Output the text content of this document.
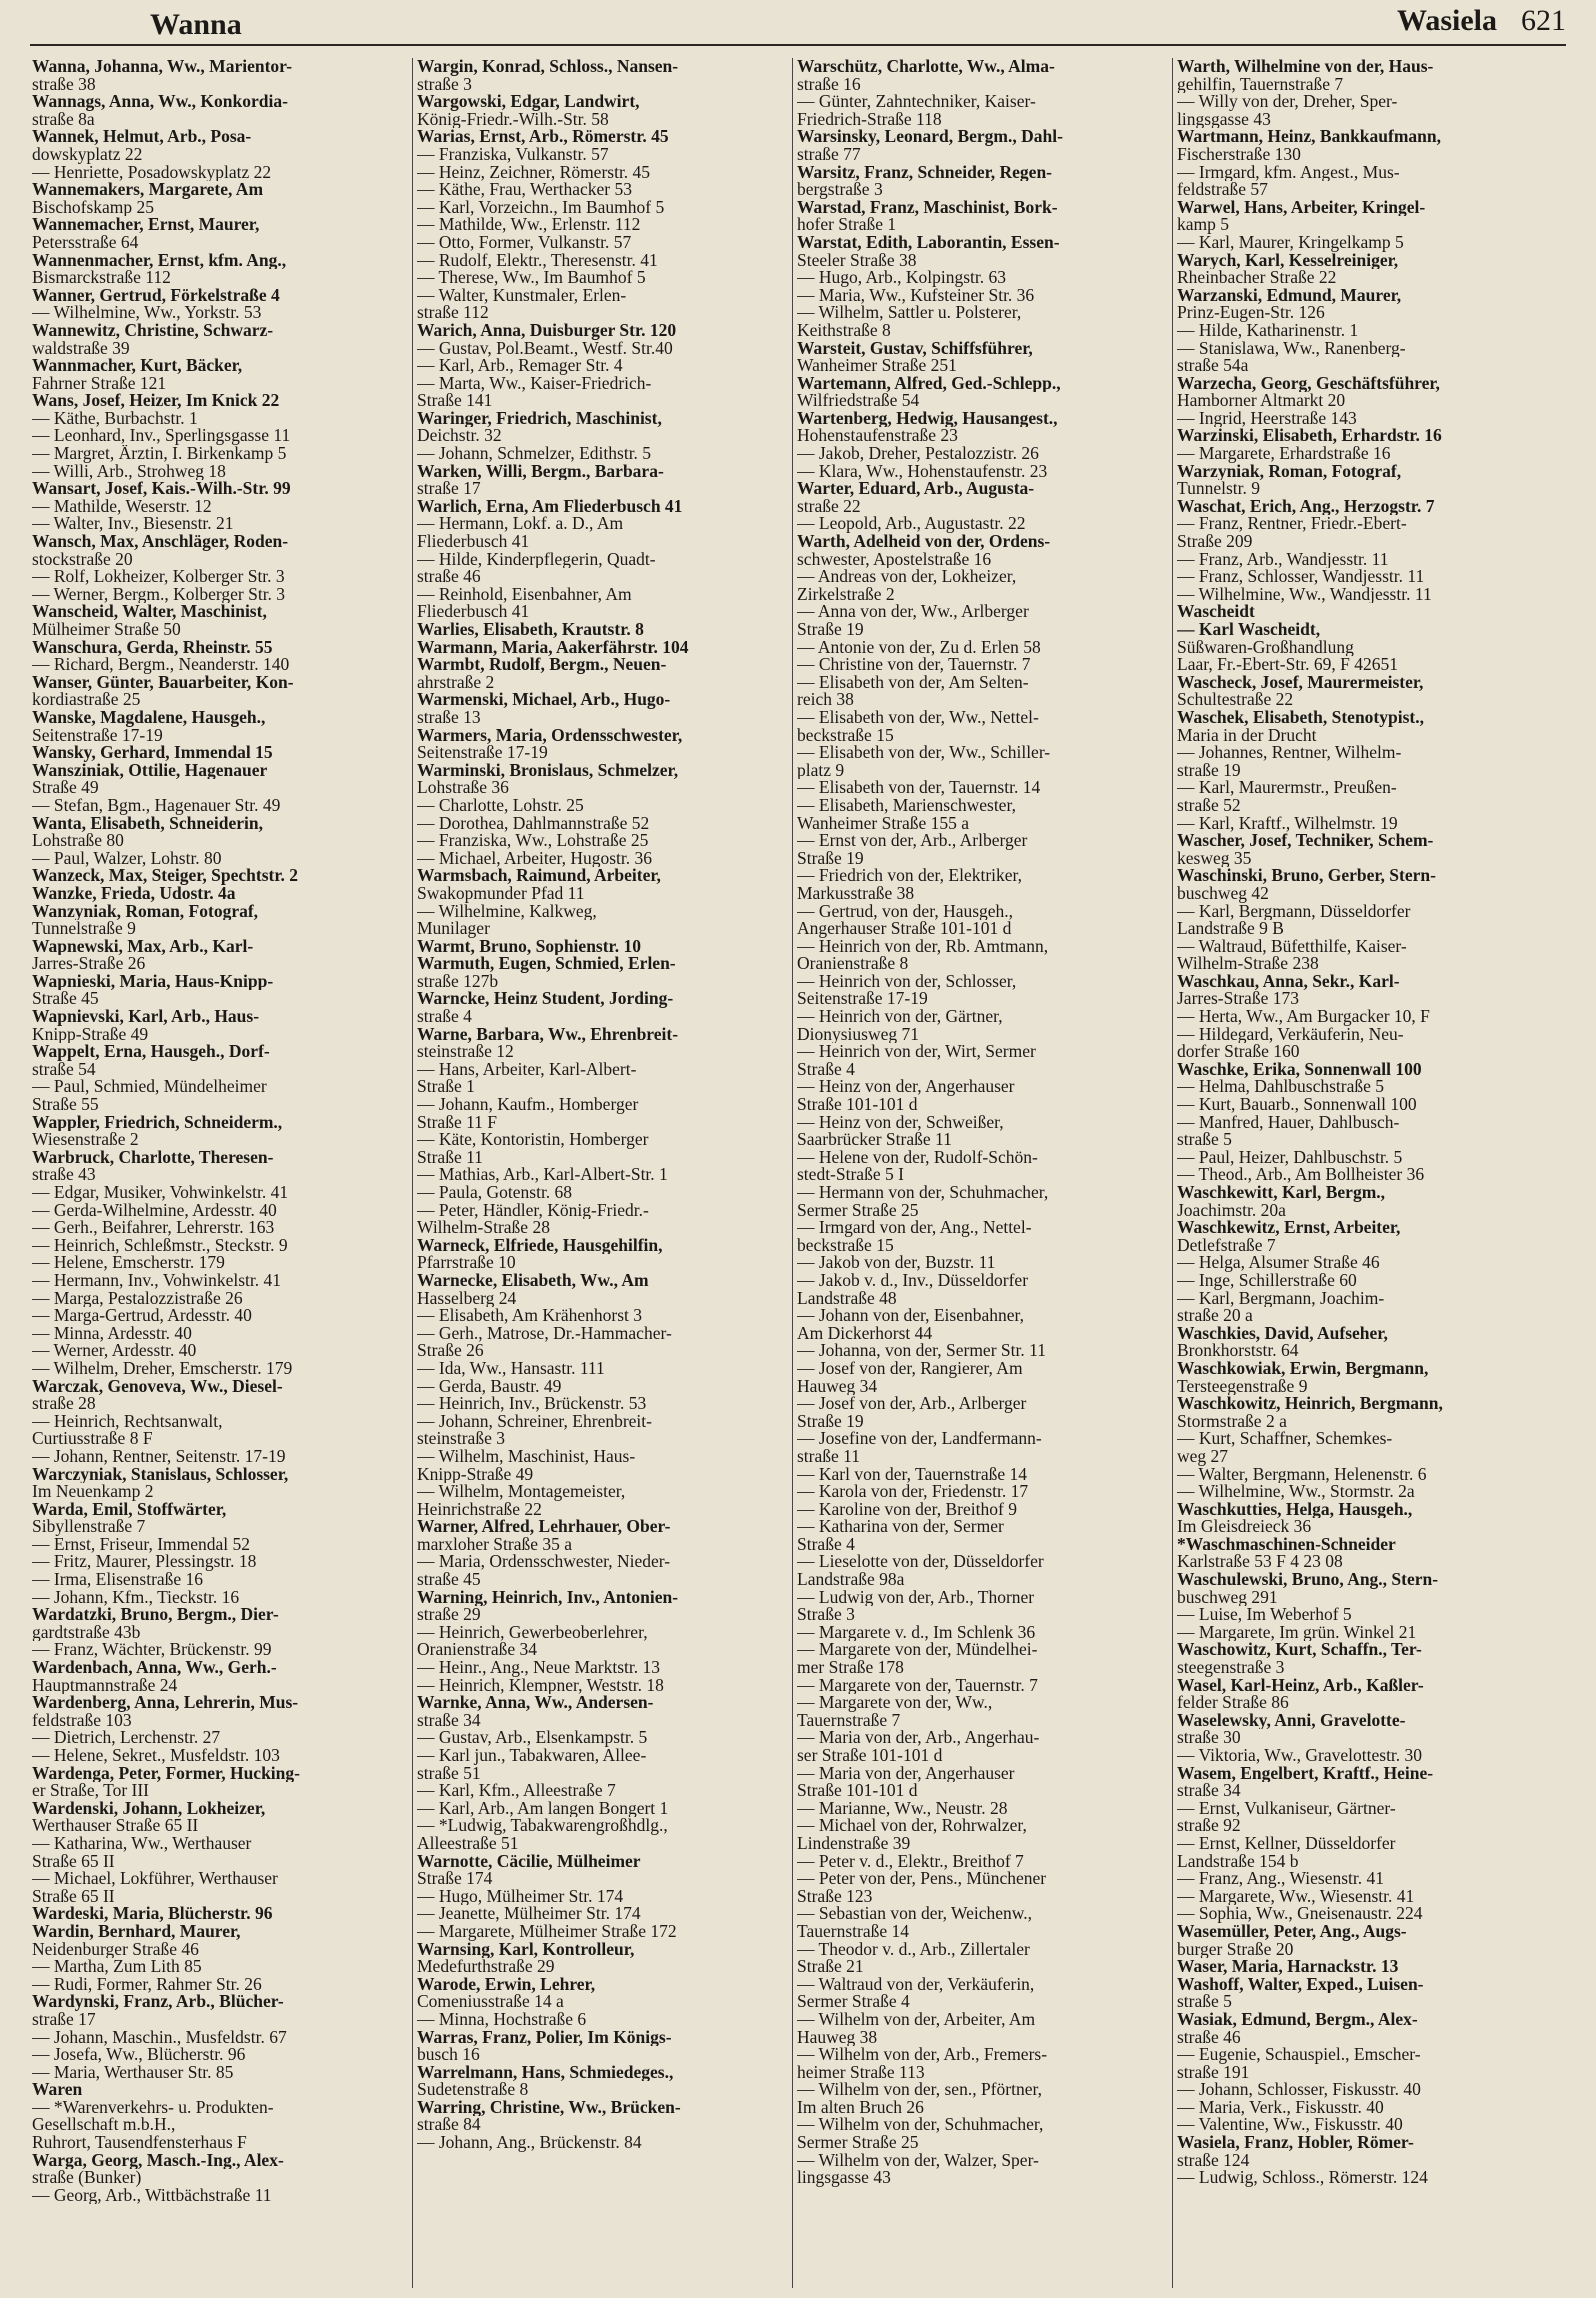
Wanna	Wasiela 621
Wanna, Johanna, Ww., Marientor-
straße 38
Wannags, Anna, Ww., Konkordia-
straße 8a
Wannek, Helmut, Arb., Posa-
dowskyplatz 22
— Henriette, Posadowskyplatz 22
Wannemakers, Margarete, Am
Bischofskamp 25
Wannemacher, Ernst, Maurer,
Petersstraße 64
Wannenmacher, Ernst, kfm. Ang.,
Bismarckstraße 112
Wanner, Gertrud, Förkelstraße 4
— Wilhelmine, Ww., Yorkstr. 53
Wannewitz, Christine, Schwarz-
waldstraße 39
Wannmacher, Kurt, Bäcker,
Fahrner Straße 121
Wans, Josef, Heizer, Im Knick 22
— Käthe, Burbachstr. 1
— Leonhard, Inv., Sperlingsgasse 11
— Margret, Ärztin, I. Birkenkamp 5
— Willi, Arb., Strohweg 18
Wansart, Josef, Kais.-Wilh.-Str. 99
— Mathilde, Weserstr. 12
— Walter, Inv., Biesenstr. 21
Wansch, Max, Anschläger, Roden-
stockstraße 20
— Rolf, Lokheizer, Kolberger Str. 3
— Werner, Bergm., Kolberger Str. 3
Wanscheid, Walter, Maschinist,
Mülheimer Straße 50
Wanschura, Gerda, Rheinstr. 55
— Richard, Bergm., Neanderstr. 140
Wanser, Günter, Bauarbeiter, Kon-
kordiastraße 25
Wanske, Magdalene, Hausgeh.,
Seitenstraße 17-19
Wansky, Gerhard, Immendal 15
Wansziniak, Ottilie, Hagenauer
Straße 49
— Stefan, Bgm., Hagenauer Str. 49
Wanta, Elisabeth, Schneiderin,
Lohstraße 80
— Paul, Walzer, Lohstr. 80
Wanzeck, Max, Steiger, Spechtstr. 2
Wanzke, Frieda, Udostr. 4a
Wanzyniak, Roman, Fotograf,
Tunnelstraße 9
Wapnewski, Max, Arb., Karl-
Jarres-Straße 26
Wapnieski, Maria, Haus-Knipp-
Straße 45
Wapnievski, Karl, Arb., Haus-
Knipp-Straße 49
Wappelt, Erna, Hausgeh., Dorf-
straße 54
— Paul, Schmied, Mündelheimer
Straße 55
Wappler, Friedrich, Schneiderm.,
Wiesenstraße 2
Warbruck, Charlotte, Theresen-
straße 43
— Edgar, Musiker, Vohwinkelstr. 41
— Gerda-Wilhelmine, Ardesstr. 40
— Gerh., Beifahrer, Lehrerstr. 163
— Heinrich, Schleßmstr., Steckstr. 9
— Helene, Emscherstr. 179
— Hermann, Inv., Vohwinkelstr. 41
— Marga, Pestalozzistraße 26
— Marga-Gertrud, Ardesstr. 40
— Minna, Ardesstr. 40
— Werner, Ardesstr. 40
— Wilhelm, Dreher, Emscherstr. 179
Warczak, Genoveva, Ww., Diesel-
straße 28
— Heinrich, Rechtsanwalt,
Curtiusstraße 8 F
— Johann, Rentner, Seitenstr. 17-19
Warczyniak, Stanislaus, Schlosser,
Im Neuenkamp 2
Warda, Emil, Stoffwärter,
Sibyllenstraße 7
— Ernst, Friseur, Immendal 52
— Fritz, Maurer, Plessingstr. 18
— Irma, Elisenstraße 16
— Johann, Kfm., Tieckstr. 16
Wardatzki, Bruno, Bergm., Dier-
gardtstraße 43b
— Franz, Wächter, Brückenstr. 99
Wardenbach, Anna, Ww., Gerh.-
Hauptmannstraße 24
Wardenberg, Anna, Lehrerin, Mus-
feldstraße 103
— Dietrich, Lerchenstr. 27
— Helene, Sekret., Musfeldstr. 103
Wardenga, Peter, Former, Hucking-
er Straße, Tor III
Wardenski, Johann, Lokheizer,
Werthauser Straße 65 II
— Katharina, Ww., Werthauser
Straße 65 II
— Michael, Lokführer, Werthauser
Straße 65 II
Wardeski, Maria, Blücherstr. 96
Wardin, Bernhard, Maurer,
Neidenburger Straße 46
— Martha, Zum Lith 85
— Rudi, Former, Rahmer Str. 26
Wardynski, Franz, Arb., Blücher-
straße 17
— Johann, Maschin., Musfeldstr. 67
— Josefa, Ww., Blücherstr. 96
— Maria, Werthauser Str. 85
Waren
— *Warenverkehrs- u. Produkten-
Gesellschaft m.b.H.,
Ruhrort, Tausendfensterhaus F
Warga, Georg, Masch.-Ing., Alex-
straße (Bunker)
— Georg, Arb., Wittbächstraße 11
Wargin, Konrad, Schloss., Nansen-
straße 3
Wargowski, Edgar, Landwirt,
König-Friedr.-Wilh.-Str. 58
Warias, Ernst, Arb., Römerstr. 45
— Franziska, Vulkanstr. 57
— Heinz, Zeichner, Römerstr. 45
— Käthe, Frau, Werthacker 53
— Karl, Vorzeichn., Im Baumhof 5
— Mathilde, Ww., Erlenstr. 112
— Otto, Former, Vulkanstr. 57
— Rudolf, Elektr., Theresenstr. 41
— Therese, Ww., Im Baumhof 5
— Walter, Kunstmaler, Erlen-
straße 112
Warich, Anna, Duisburger Str. 120
— Gustav, Pol.Beamt., Westf. Str.40
— Karl, Arb., Remager Str. 4
— Marta, Ww., Kaiser-Friedrich-
Straße 141
Waringer, Friedrich, Maschinist,
Deichstr. 32
— Johann, Schmelzer, Edithstr. 5
Warken, Willi, Bergm., Barbara-
straße 17
Warlich, Erna, Am Fliederbusch 41
— Hermann, Lokf. a. D., Am
Fliederbusch 41
— Hilde, Kinderpflegerin, Quadt-
straße 46
— Reinhold, Eisenbahner, Am
Fliederbusch 41
Warlies, Elisabeth, Krautstr. 8
Warmann, Maria, Aakerfährstr. 104
Warmbt, Rudolf, Bergm., Neuen-
ahrstraße 2
Warmenski, Michael, Arb., Hugo-
straße 13
Warmers, Maria, Ordensschwester,
Seitenstraße 17-19
Warminski, Bronislaus, Schmelzer,
Lohstraße 36
— Charlotte, Lohstr. 25
— Dorothea, Dahlmannstraße 52
— Franziska, Ww., Lohstraße 25
— Michael, Arbeiter, Hugostr. 36
Warmsbach, Raimund, Arbeiter,
Swakopmunder Pfad 11
— Wilhelmine, Kalkweg,
Munilager
Warmt, Bruno, Sophienstr. 10
Warmuth, Eugen, Schmied, Erlen-
straße 127b
Warncke, Heinz Student, Jording-
straße 4
Warne, Barbara, Ww., Ehrenbreit-
steinstraße 12
— Hans, Arbeiter, Karl-Albert-
Straße 1
— Johann, Kaufm., Homberger
Straße 11 F
— Käte, Kontoristin, Homberger
Straße 11
— Mathias, Arb., Karl-Albert-Str. 1
— Paula, Gotenstr. 68
— Peter, Händler, König-Friedr.-
Wilhelm-Straße 28
Warneck, Elfriede, Hausgehilfin,
Pfarrstraße 10
Warnecke, Elisabeth, Ww., Am
Hasselberg 24
— Elisabeth, Am Krähenhorst 3
— Gerh., Matrose, Dr.-Hammacher-
Straße 26
— Ida, Ww., Hansastr. 111
— Gerda, Baustr. 49
— Heinrich, Inv., Brückenstr. 53
— Johann, Schreiner, Ehrenbreit-
steinstraße 3
— Wilhelm, Maschinist, Haus-
Knipp-Straße 49
— Wilhelm, Montagemeister,
Heinrichstraße 22
Warner, Alfred, Lehrhauer, Ober-
marxloher Straße 35 a
— Maria, Ordensschwester, Nieder-
straße 45
Warning, Heinrich, Inv., Antonien-
straße 29
— Heinrich, Gewerbeoberlehrer,
Oranienstraße 34
— Heinr., Ang., Neue Marktstr. 13
— Heinrich, Klempner, Weststr. 18
Warnke, Anna, Ww., Andersen-
straße 34
— Gustav, Arb., Elsenkampstr. 5
— Karl jun., Tabakwaren, Allee-
straße 51
— Karl, Kfm., Alleestraße 7
— Karl, Arb., Am langen Bongert 1
— *Ludwig, Tabakwarengroßhdlg.,
Alleestraße 51
Warnotte, Cäcilie, Mülheimer
Straße 174
— Hugo, Mülheimer Str. 174
— Jeanette, Mülheimer Str. 174
— Margarete, Mülheimer Straße 172
Warnsing, Karl, Kontrolleur,
Medefurthstraße 29
Warode, Erwin, Lehrer,
Comeniusstraße 14 a
— Minna, Hochstraße 6
Warras, Franz, Polier, Im Königs-
busch 16
Warrelmann, Hans, Schmiedeges.,
Sudetenstraße 8
Warring, Christine, Ww., Brücken-
straße 84
— Johann, Ang., Brückenstr. 84
Warschütz, Charlotte, Ww., Alma-
straße 16
— Günter, Zahntechniker, Kaiser-
Friedrich-Straße 118
Warsinsky, Leonard, Bergm., Dahl-
straße 77
Warsitz, Franz, Schneider, Regen-
bergstraße 3
Warstad, Franz, Maschinist, Bork-
hofer Straße 1
Warstat, Edith, Laborantin, Essen-
Steeler Straße 38
— Hugo, Arb., Kolpingstr. 63
— Maria, Ww., Kufsteiner Str. 36
— Wilhelm, Sattler u. Polsterer,
Keithstraße 8
Warsteit, Gustav, Schiffsführer,
Wanheimer Straße 251
Wartemann, Alfred, Ged.-Schlepp.,
Wilfriedstraße 54
Wartenberg, Hedwig, Hausangest.,
Hohenstaufenstraße 23
— Jakob, Dreher, Pestalozzistr. 26
— Klara, Ww., Hohenstaufenstr. 23
Warter, Eduard, Arb., Augusta-
straße 22
— Leopold, Arb., Augustastr. 22
Warth, Adelheid von der, Ordens-
schwester, Apostelstraße 16
— Andreas von der, Lokheizer,
Zirkelstraße 2
— Anna von der, Ww., Arlberger
Straße 19
— Antonie von der, Zu d. Erlen 58
— Christine von der, Tauernstr. 7
— Elisabeth von der, Am Selten-
reich 38
— Elisabeth von der, Ww., Nettel-
beckstraße 15
— Elisabeth von der, Ww., Schiller-
platz 9
— Elisabeth von der, Tauernstr. 14
— Elisabeth, Marienschwester,
Wanheimer Straße 155 a
— Ernst von der, Arb., Arlberger
Straße 19
— Friedrich von der, Elektriker,
Markusstraße 38
— Gertrud, von der, Hausgeh.,
Angerhauser Straße 101-101 d
— Heinrich von der, Rb. Amtmann,
Oranienstraße 8
— Heinrich von der, Schlosser,
Seitenstraße 17-19
— Heinrich von der, Gärtner,
Dionysiusweg 71
— Heinrich von der, Wirt, Sermer
Straße 4
— Heinz von der, Angerhauser
Straße 101-101 d
— Heinz von der, Schweißer,
Saarbrücker Straße 11
— Helene von der, Rudolf-Schön-
stedt-Straße 5 I
— Hermann von der, Schuhmacher,
Sermer Straße 25
— Irmgard von der, Ang., Nettel-
beckstraße 15
— Jakob von der, Buzstr. 11
— Jakob v. d., Inv., Düsseldorfer
Landstraße 48
— Johann von der, Eisenbahner,
Am Dickerhorst 44
— Johanna, von der, Sermer Str. 11
— Josef von der, Rangierer, Am
Hauweg 34
— Josef von der, Arb., Arlberger
Straße 19
— Josefine von der, Landfermann-
straße 11
— Karl von der, Tauernstraße 14
— Karola von der, Friedenstr. 17
— Karoline von der, Breithof 9
— Katharina von der, Sermer
Straße 4
— Lieselotte von der, Düsseldorfer
Landstraße 98a
— Ludwig von der, Arb., Thorner
Straße 3
— Margarete v. d., Im Schlenk 36
— Margarete von der, Mündelhei-
mer Straße 178
— Margarete von der, Tauernstr. 7
— Margarete von der, Ww.,
Tauernstraße 7
— Maria von der, Arb., Angerhau-
ser Straße 101-101 d
— Maria von der, Angerhauser
Straße 101-101 d
— Marianne, Ww., Neustr. 28
— Michael von der, Rohrwalzer,
Lindenstraße 39
— Peter v. d., Elektr., Breithof 7
— Peter von der, Pens., Münchener
Straße 123
— Sebastian von der, Weichenw.,
Tauernstraße 14
— Theodor v. d., Arb., Zillertaler
Straße 21
— Waltraud von der, Verkäuferin,
Sermer Straße 4
— Wilhelm von der, Arbeiter, Am
Hauweg 38
— Wilhelm von der, Arb., Fremers-
heimer Straße 113
— Wilhelm von der, sen., Pförtner,
Im alten Bruch 26
— Wilhelm von der, Schuhmacher,
Sermer Straße 25
— Wilhelm von der, Walzer, Sper-
lingsgasse 43
Warth, Wilhelmine von der, Haus-
gehilfin, Tauernstraße 7
— Willy von der, Dreher, Sper-
lingsgasse 43
Wartmann, Heinz, Bankkaufmann,
Fischerstraße 130
— Irmgard, kfm. Angest., Mus-
feldstraße 57
Warwel, Hans, Arbeiter, Kringel-
kamp 5
— Karl, Maurer, Kringelkamp 5
Warych, Karl, Kesselreiniger,
Rheinbacher Straße 22
Warzanski, Edmund, Maurer,
Prinz-Eugen-Str. 126
— Hilde, Katharinenstr. 1
— Stanislawa, Ww., Ranenberg-
straße 54a
Warzecha, Georg, Geschäftsführer,
Hamborner Altmarkt 20
— Ingrid, Heerstraße 143
Warzinski, Elisabeth, Erhardstr. 16
— Margarete, Erhardstraße 16
Warzyniak, Roman, Fotograf,
Tunnelstr. 9
Waschat, Erich, Ang., Herzogstr. 7
— Franz, Rentner, Friedr.-Ebert-
Straße 209
— Franz, Arb., Wandjesstr. 11
— Franz, Schlosser, Wandjesstr. 11
— Wilhelmine, Ww., Wandjesstr. 11
Wascheidt
— Karl Wascheidt,
Süßwaren-Großhandlung
Laar, Fr.-Ebert-Str. 69, F 42651
Wascheck, Josef, Maurermeister,
Schultestraße 22
Waschek, Elisabeth, Stenotypist.,
Maria in der Drucht
— Johannes, Rentner, Wilhelm-
straße 19
— Karl, Maurermstr., Preußen-
straße 52
— Karl, Kraftf., Wilhelmstr. 19
Wascher, Josef, Techniker, Schem-
kesweg 35
Waschinski, Bruno, Gerber, Stern-
buschweg 42
— Karl, Bergmann, Düsseldorfer
Landstraße 9 B
— Waltraud, Büfetthilfe, Kaiser-
Wilhelm-Straße 238
Waschkau, Anna, Sekr., Karl-
Jarres-Straße 173
— Herta, Ww., Am Burgacker 10, F
— Hildegard, Verkäuferin, Neu-
dorfer Straße 160
Waschke, Erika, Sonnenwall 100
— Helma, Dahlbuschstraße 5
— Kurt, Bauarb., Sonnenwall 100
— Manfred, Hauer, Dahlbusch-
straße 5
— Paul, Heizer, Dahlbuschstr. 5
— Theod., Arb., Am Bollheister 36
Waschkewitt, Karl, Bergm.,
Joachimstr. 20a
Waschkewitz, Ernst, Arbeiter,
Detlefstraße 7
— Helga, Alsumer Straße 46
— Inge, Schillerstraße 60
— Karl, Bergmann, Joachim-
straße 20 a
Waschkies, David, Aufseher,
Bronkhorststr. 64
Waschkowiak, Erwin, Bergmann,
Tersteegenstraße 9
Waschkowitz, Heinrich, Bergmann,
Stormstraße 2 a
— Kurt, Schaffner, Schemkes-
weg 27
— Walter, Bergmann, Helenenstr. 6
— Wilhelmine, Ww., Stormstr. 2a
Waschkutties, Helga, Hausgeh.,
Im Gleisdreieck 36
*Waschmaschinen-Schneider
Karlstraße 53 F 4 23 08
Waschulewski, Bruno, Ang., Stern-
buschweg 291
— Luise, Im Weberhof 5
— Margarete, Im grün. Winkel 21
Waschowitz, Kurt, Schaffn., Ter-
steegenstraße 3
Wasel, Karl-Heinz, Arb., Kaßler-
felder Straße 86
Waselewsky, Anni, Gravelotte-
straße 30
— Viktoria, Ww., Gravelottestr. 30
Wasem, Engelbert, Kraftf., Heine-
straße 34
— Ernst, Vulkaniseur, Gärtner-
straße 92
— Ernst, Kellner, Düsseldorfer
Landstraße 154 b
— Franz, Ang., Wiesenstr. 41
— Margarete, Ww., Wiesenstr. 41
— Sophia, Ww., Gneisenaustr. 224
Wasemüller, Peter, Ang., Augs-
burger Straße 20
Waser, Maria, Harnackstr. 13
Washoff, Walter, Exped., Luisen-
straße 5
Wasiak, Edmund, Bergm., Alex-
straße 46
— Eugenie, Schauspiel., Emscher-
straße 191
— Johann, Schlosser, Fiskusstr. 40
— Maria, Verk., Fiskusstr. 40
— Valentine, Ww., Fiskusstr. 40
Wasiela, Franz, Hobler, Römer-
straße 124
— Ludwig, Schloss., Römerstr. 124
